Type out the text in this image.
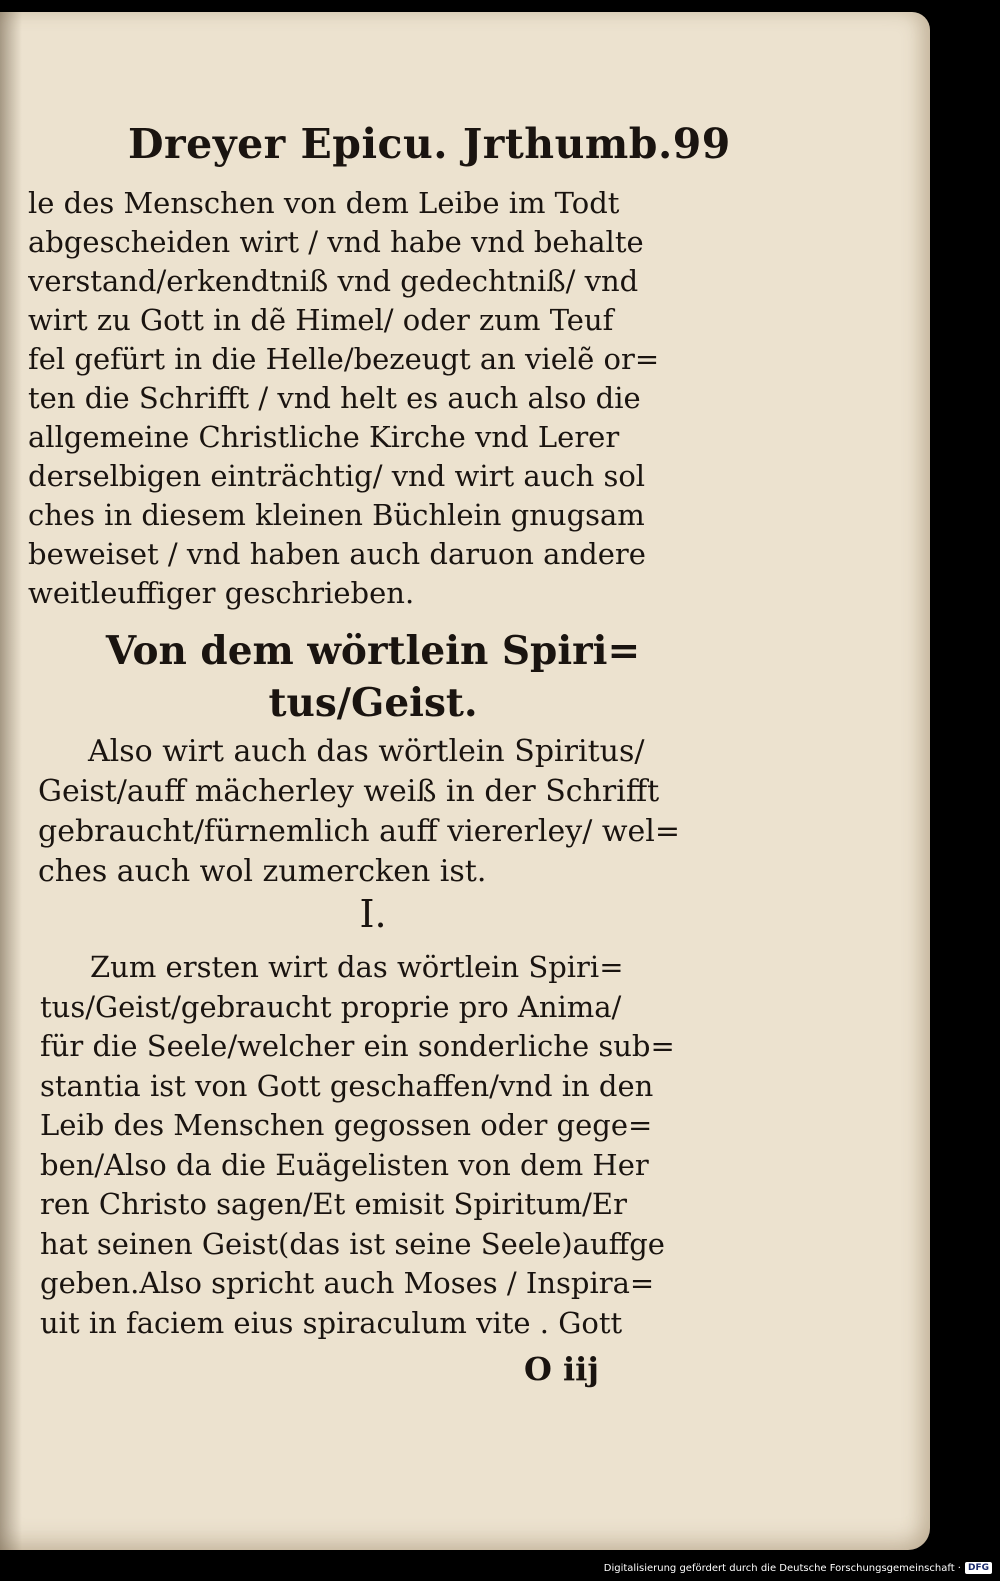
Dreyer Epicu. Jrthumb. 99
le des Menschen von dem Leibe im Todt
abgescheiden wirt / vnd habe vnd behalte
verstand/erkendtniß vnd gedechtniß/ vnd
wirt zu Gott in dẽ Himel/ oder zum Teuf
fel gefürt in die Helle/bezeugt an vielẽ or=
ten die Schrifft / vnd helt es auch also die
allgemeine Christliche Kirche vnd Lerer
derselbigen einträchtig/ vnd wirt auch sol
ches in diesem kleinen Büchlein gnugsam
beweiset / vnd haben auch daruon andere
weitleuffiger geschrieben.
Von dem wörtlein Spiri=
tus/Geist.
Also wirt auch das wörtlein Spiritus/
Geist/auff mächerley weiß in der Schrifft
gebraucht/fürnemlich auff viererley/ wel=
ches auch wol zumercken ist.
I.
Zum ersten wirt das wörtlein Spiri=
tus/Geist/gebraucht proprie pro Anima/
für die Seele/welcher ein sonderliche sub=
stantia ist von Gott geschaffen/vnd in den
Leib des Menschen gegossen oder gege=
ben/Also da die Euägelisten von dem Her
ren Christo sagen/Et emisit Spiritum/Er
hat seinen Geist(das ist seine Seele)auffge
geben.Also spricht auch Moses / Inspira=
uit in faciem eius spiraculum vite . Gott
O iij
Digitalisierung gefördert durch die Deutsche Forschungsgemeinschaft · DFG
